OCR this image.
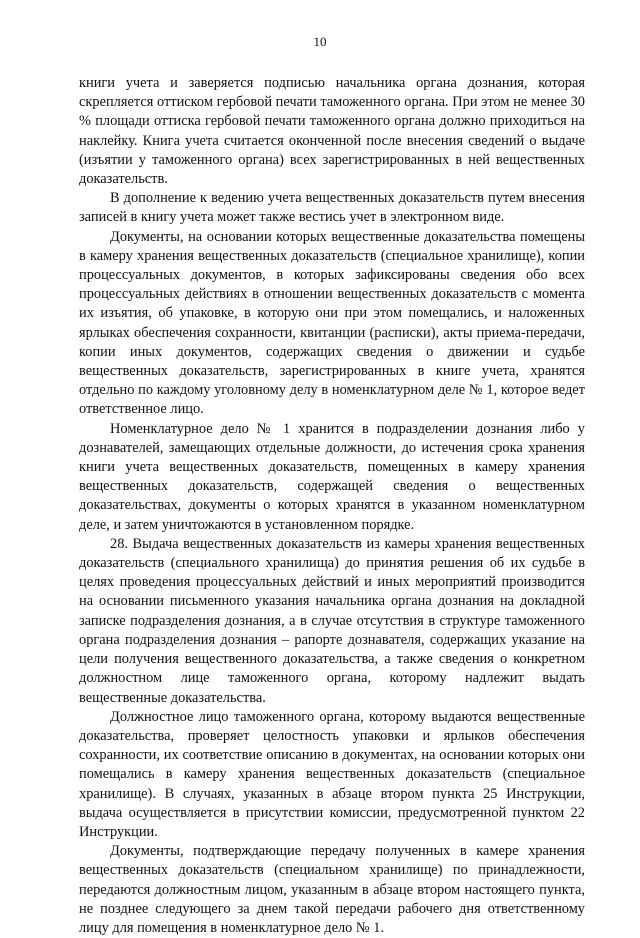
10

книги учета и заверяется подписью начальника органа дознания, которая скрепляется оттиском гербовой печати таможенного органа. При этом не менее 30 % площади оттиска гербовой печати таможенного органа должно приходиться на наклейку. Книга учета считается оконченной после внесения сведений о выдаче (изъятии у таможенного органа) всех зарегистрированных в ней вещественных доказательств.

В дополнение к ведению учета вещественных доказательств путем внесения записей в книгу учета может также вестись учет в электронном виде.

Документы, на основании которых вещественные доказательства помещены в камеру хранения вещественных доказательств (специальное хранилище), копии процессуальных документов, в которых зафиксированы сведения обо всех процессуальных действиях в отношении вещественных доказательств с момента их изъятия, об упаковке, в которую они при этом помещались, и наложенных ярлыках обеспечения сохранности, квитанции (расписки), акты приема-передачи, копии иных документов, содержащих сведения о движении и судьбе вещественных доказательств, зарегистрированных в книге учета, хранятся отдельно по каждому уголовному делу в номенклатурном деле № 1, которое ведет ответственное лицо.

Номенклатурное дело № 1 хранится в подразделении дознания либо у дознавателей, замещающих отдельные должности, до истечения срока хранения книги учета вещественных доказательств, помещенных в камеру хранения вещественных доказательств, содержащей сведения о вещественных доказательствах, документы о которых хранятся в указанном номенклатурном деле, и затем уничтожаются в установленном порядке.

28. Выдача вещественных доказательств из камеры хранения вещественных доказательств (специального хранилища) до принятия решения об их судьбе в целях проведения процессуальных действий и иных мероприятий производится на основании письменного указания начальника органа дознания на докладной записке подразделения дознания, а в случае отсутствия в структуре таможенного органа подразделения дознания – рапорте дознавателя, содержащих указание на цели получения вещественного доказательства, а также сведения о конкретном должностном лице таможенного органа, которому надлежит выдать вещественные доказательства.

Должностное лицо таможенного органа, которому выдаются вещественные доказательства, проверяет целостность упаковки и ярлыков обеспечения сохранности, их соответствие описанию в документах, на основании которых они помещались в камеру хранения вещественных доказательств (специальное хранилище). В случаях, указанных в абзаце втором пункта 25 Инструкции, выдача осуществляется в присутствии комиссии, предусмотренной пунктом 22 Инструкции.

Документы, подтверждающие передачу полученных в камере хранения вещественных доказательств (специальном хранилище) по принадлежности, передаются должностным лицом, указанным в абзаце втором настоящего пункта, не позднее следующего за днем такой передачи рабочего дня ответственному лицу для помещения в номенклатурное дело № 1.
